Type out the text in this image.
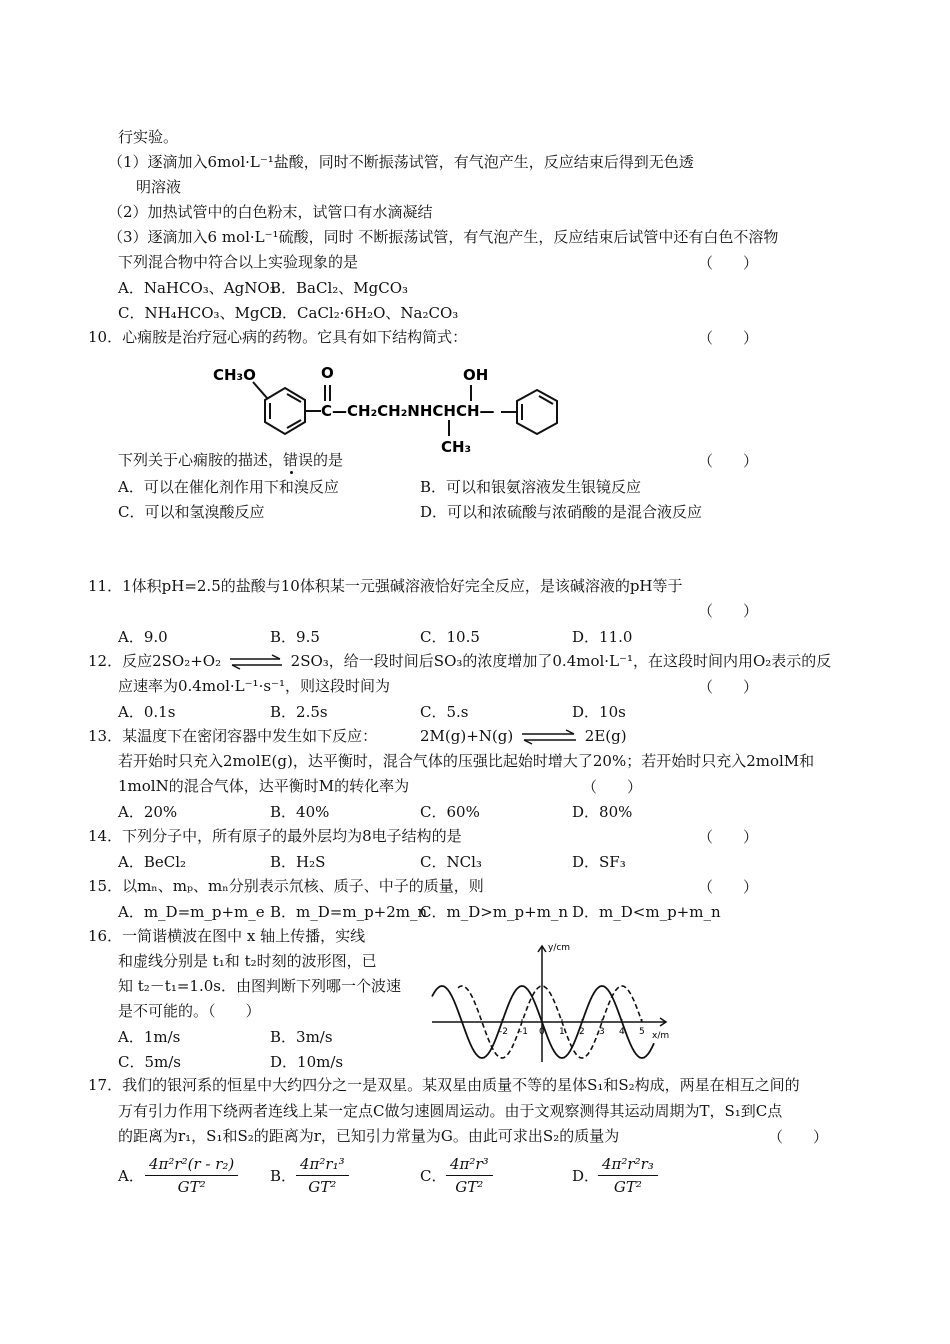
行实验。
（1）逐滴加入6mol·L⁻¹盐酸，同时不断振荡试管，有气泡产生，反应结束后得到无色透
明溶液
（2）加热试管中的白色粉末，试管口有水滴凝结
（3）逐滴加入6 mol·L⁻¹硫酸，同时 不断振荡试管，有气泡产生，反应结束后试管中还有白色不溶物
下列混合物中符合以上实验现象的是	（　　）
A．NaHCO₃、AgNO₃
B．BaCl₂、MgCO₃
C．NH₄HCO₃、MgCl₂
D．CaCl₂·6H₂O、Na₂CO₃
10．心痫胺是治疗冠心病的药物。它具有如下结构简式：	（　　）
CH₃O	O
C—CH₂CH₂NHCHCH—
OH
CH₃
下列关于心痫胺的描述，错误的是	（　　）
A．可以在催化剂作用下和溴反应	B．可以和银氨溶液发生银镜反应
C．可以和氢溴酸反应	D．可以和浓硫酸与浓硝酸的是混合液反应
11．1体积pH=2.5的盐酸与10体积某一元强碱溶液恰好完全反应，是该碱溶液的pH等于
（　　）
A．9.0	B．9.5	C．10.5	D．11.0
12．反应2SO₂+O₂ ⇌ 2SO₃，给一段时间后SO₃的浓度增加了0.4mol·L⁻¹，在这段时间内用O₂表示的反
应速率为0.4mol·L⁻¹·s⁻¹，则这段时间为	（　　）
A．0.1s	B．2.5s	C．5.s	D．10s
13．某温度下在密闭容器中发生如下反应：	2M(g)+N(g)	2E(g)
若开始时只充入2molE(g)，达平衡时，混合气体的压强比起始时增大了20%；若开始时只充入2molM和
1molN的混合气体，达平衡时M的转化率为	（　　）
A．20%	B．40%	C．60%	D．80%
14．下列分子中，所有原子的最外层均为8电子结构的是	（　　）
A．BeCl₂	B．H₂S	C．NCl₃	D．SF₃
15．以mₙ、mₚ、mₙ分别表示氘核、质子、中子的质量，则	（　　）
A．m_D=m_p+m_e B．m_D=m_p+2m_n
C．m_D>m_p+m_n D．m_D<m_p+m_n
16．一简谐横波在图中 x 轴上传播，实线
和虚线分别是 t₁和 t₂时刻的波形图，已
知 t₂－t₁=1.0s．由图判断下列哪一个波速
是不可能的。（　　）
A．1m/s	B．3m/s
C．5m/s	D．10m/s
y/cm
x/m
-2 -1 0 1 2 3 4 5
17．我们的银河系的恒星中大约四分之一是双星。某双星由质量不等的星体S₁和S₂构成，两星在相互之间的
万有引力作用下绕两者连线上某一定点C做匀速圆周运动。由于文观察测得其运动周期为T，S₁到C点
的距离为r₁，S₁和S₂的距离为r，已知引力常量为G。由此可求出S₂的质量为	（　　）
A． $\frac{\text{4π²r²(r - r₂)}}{\text{GT²}}$ B． $\frac{\text{4π²r₁³}}{\text{GT²}}$	C． $\frac{\text{4π²r³}}{\text{GT²}}$	D．
$\frac{\text{4π²r²r₃}}{\text{GT²}}$
